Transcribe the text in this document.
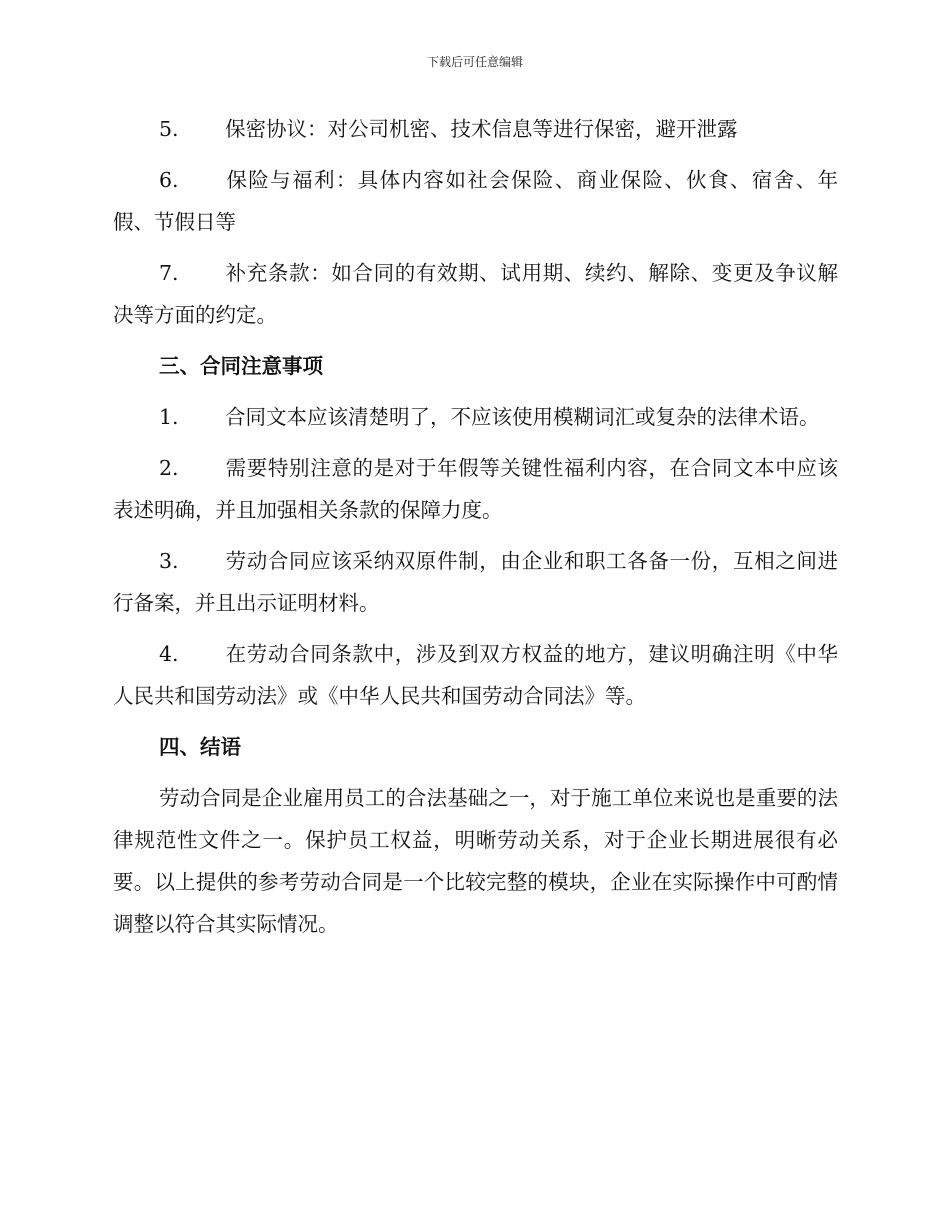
下载后可任意编辑

5. 保密协议：对公司机密、技术信息等进行保密，避开泄露

6. 保险与福利：具体内容如社会保险、商业保险、伙食、宿舍、年假、节假日等

7. 补充条款：如合同的有效期、试用期、续约、解除、变更及争议解决等方面的约定。

三、合同注意事项

1. 合同文本应该清楚明了，不应该使用模糊词汇或复杂的法律术语。

2. 需要特别注意的是对于年假等关键性福利内容，在合同文本中应该表述明确，并且加强相关条款的保障力度。

3. 劳动合同应该采纳双原件制，由企业和职工各备一份，互相之间进行备案，并且出示证明材料。

4. 在劳动合同条款中，涉及到双方权益的地方，建议明确注明《中华人民共和国劳动法》或《中华人民共和国劳动合同法》等。

四、结语

劳动合同是企业雇用员工的合法基础之一，对于施工单位来说也是重要的法律规范性文件之一。保护员工权益，明晰劳动关系，对于企业长期进展很有必要。以上提供的参考劳动合同是一个比较完整的模块，企业在实际操作中可酌情调整以符合其实际情况。
